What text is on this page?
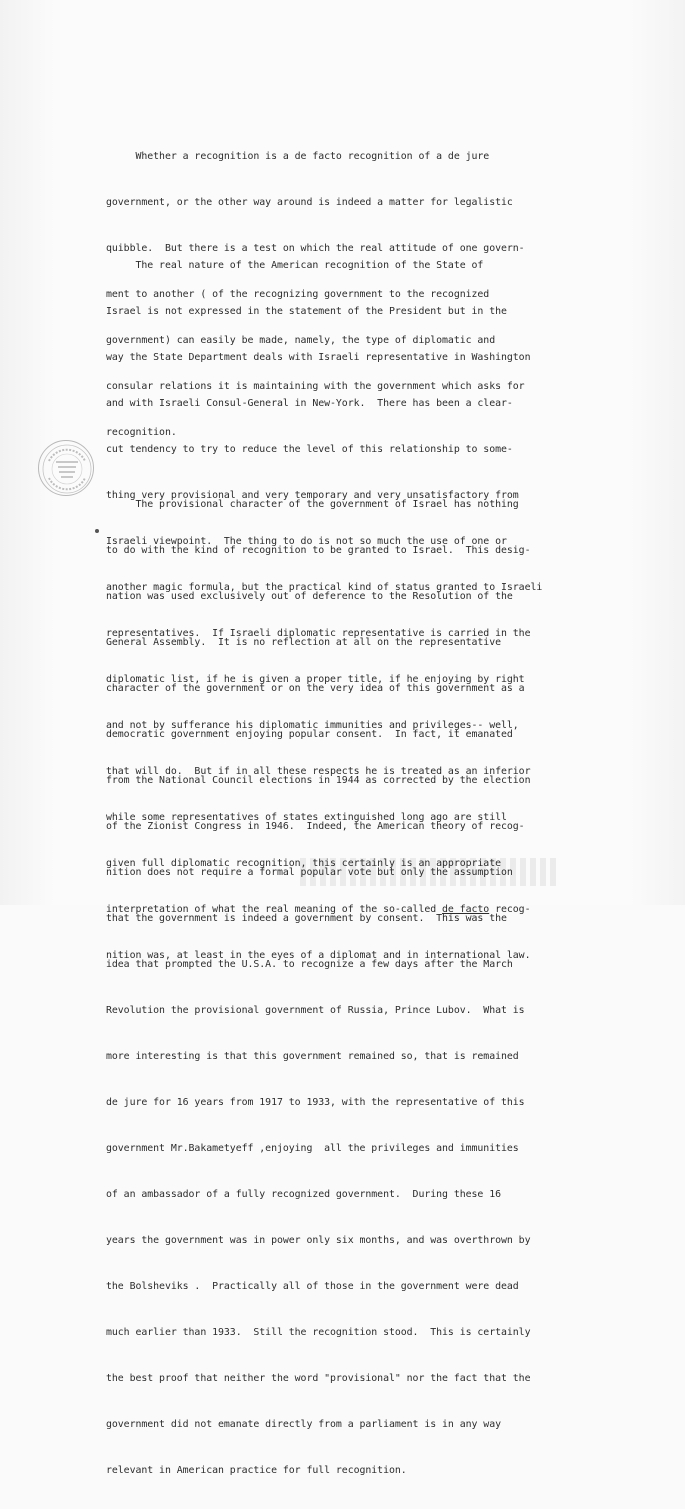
Whether a recognition is a de facto recognition of a de jure

government, or the other way around is indeed a matter for legalistic

quibble.  But there is a test on which the real attitude of one govern-

ment to another ( of the recognizing government to the recognized

government) can easily be made, namely, the type of diplomatic and

consular relations it is maintaining with the government which asks for

recognition.

The real nature of the American recognition of the State of

Israel is not expressed in the statement of the President but in the

way the State Department deals with Israeli representative in Washington

and with Israeli Consul-General in New-York.  There has been a clear-

cut tendency to try to reduce the level of this relationship to some-

thing very provisional and very temporary and very unsatisfactory from

Israeli viewpoint.  The thing to do is not so much the use of one or

another magic formula, but the practical kind of status granted to Israeli

representatives.  If Israeli diplomatic representative is carried in the

diplomatic list, if he is given a proper title, if he enjoying by right

and not by sufferance his diplomatic immunities and privileges-- well,

that will do.  But if in all these respects he is treated as an inferior

while some representatives of states extinguished long ago are still

given full diplomatic recognition, this certainly is an appropriate

interpretation of what the real meaning of the so-called de facto recog-

nition was, at least in the eyes of a diplomat and in international law.

The provisional character of the government of Israel has nothing

to do with the kind of recognition to be granted to Israel.  This desig-

nation was used exclusively out of deference to the Resolution of the

General Assembly.  It is no reflection at all on the representative

character of the government or on the very idea of this government as a

democratic government enjoying popular consent.  In fact, it emanated

from the National Council elections in 1944 as corrected by the election

of the Zionist Congress in 1946.  Indeed, the American theory of recog-

nition does not require a formal popular vote but only the assumption

that the government is indeed a government by consent.  This was the

idea that prompted the U.S.A. to recognize a few days after the March

Revolution the provisional government of Russia, Prince Lubov.  What is

more interesting is that this government remained so, that is remained

de jure for 16 years from 1917 to 1933, with the representative of this

government Mr.Bakametyeff ,enjoying  all the privileges and immunities

of an ambassador of a fully recognized government.  During these 16

years the government was in power only six months, and was overthrown by

the Bolsheviks .  Practically all of those in the government were dead

much earlier than 1933.  Still the recognition stood.  This is certainly

the best proof that neither the word "provisional" nor the fact that the

government did not emanate directly from a parliament is in any way

relevant in American practice for full recognition.
